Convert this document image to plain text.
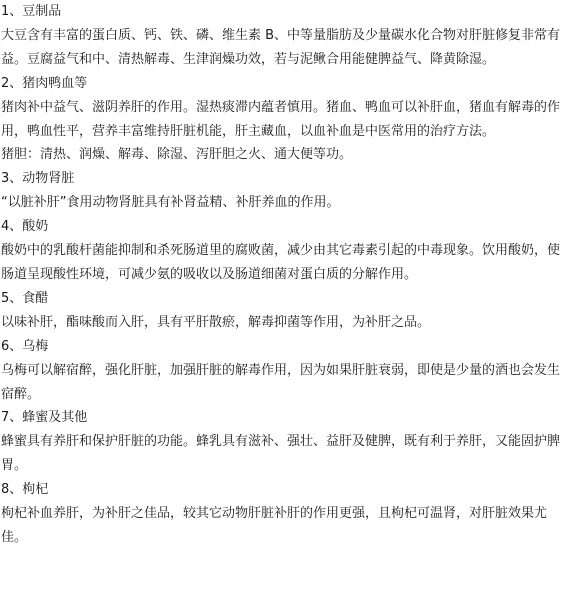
1、豆制品
大豆含有丰富的蛋白质、钙、铁、磷、维生素 B、中等量脂肪及少量碳水化合物对肝脏修复非常有益。豆腐益气和中、清热解毒、生津润燥功效，若与泥鳅合用能健脾益气、降黄除湿。
2、猪肉鸭血等
猪肉补中益气、滋阴养肝的作用。湿热痰滞内蕴者慎用。猪血、鸭血可以补肝血，猪血有解毒的作用，鸭血性平，营养丰富维持肝脏机能，肝主藏血，以血补血是中医常用的治疗方法。
猪胆：清热、润燥、解毒、除湿、泻肝胆之火、通大便等功。
3、动物肾脏
“以脏补肝”食用动物肾脏具有补肾益精、补肝养血的作用。
4、酸奶
酸奶中的乳酸杆菌能抑制和杀死肠道里的腐败菌，减少由其它毒素引起的中毒现象。饮用酸奶，使肠道呈现酸性环境，可减少氨的吸收以及肠道细菌对蛋白质的分解作用。
5、食醋
以味补肝，酯味酸而入肝，具有平肝散瘀，解毒抑菌等作用，为补肝之品。
6、乌梅
乌梅可以解宿醉，强化肝脏，加强肝脏的解毒作用，因为如果肝脏衰弱，即使是少量的酒也会发生宿醉。
7、蜂蜜及其他
蜂蜜具有养肝和保护肝脏的功能。蜂乳具有滋补、强壮、益肝及健脾，既有利于养肝，又能固护脾胃。
8、枸杞
枸杞补血养肝，为补肝之佳品，较其它动物肝脏补肝的作用更强，且枸杞可温肾，对肝脏效果尤佳。
